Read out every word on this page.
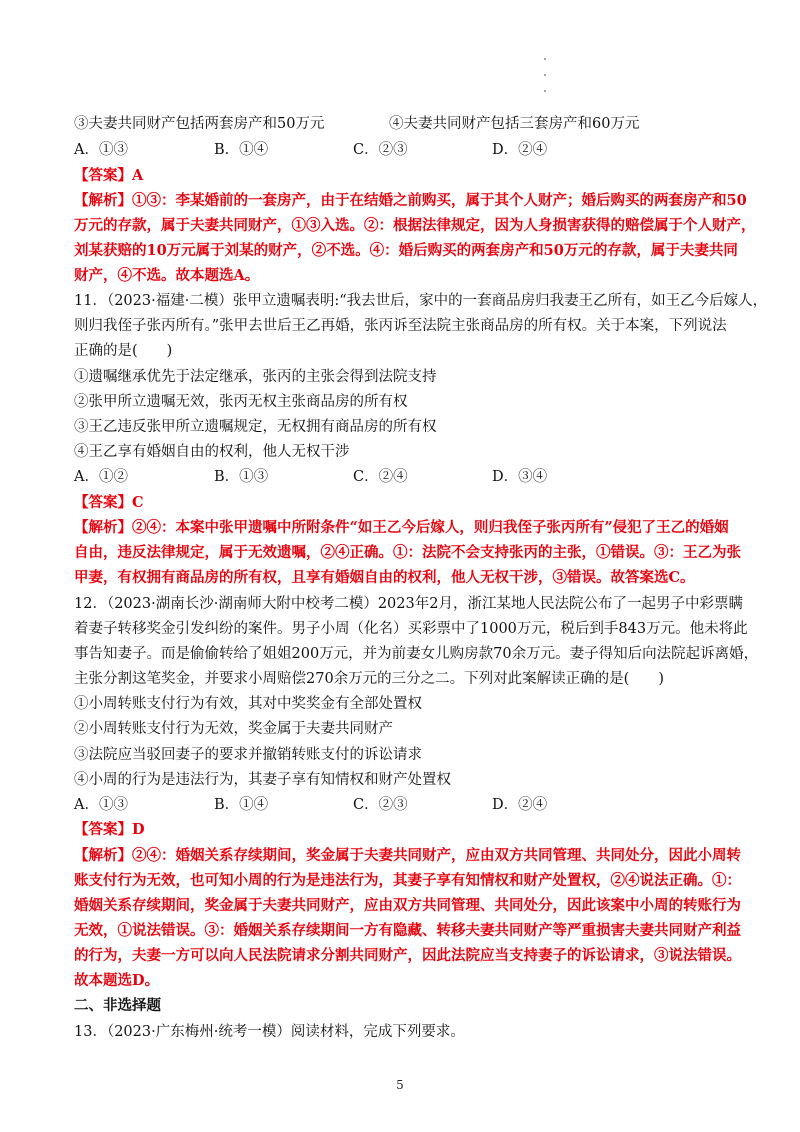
③夫妻共同财产包括两套房产和50万元	④夫妻共同财产包括三套房产和60万元
A．①③	B．①④	C．②③	D．②④
【答案】A
【解析】①③：李某婚前的一套房产，由于在结婚之前购买，属于其个人财产；婚后购买的两套房产和50
万元的存款，属于夫妻共同财产，①③入选。②：根据法律规定，因为人身损害获得的赔偿属于个人财产，
刘某获赔的10万元属于刘某的财产，②不选。④：婚后购买的两套房产和50万元的存款，属于夫妻共同
财产，④不选。故本题选A。
11．（2023·福建·二模）张甲立遗嘱表明:“我去世后，家中的一套商品房归我妻王乙所有，如王乙今后嫁人，
则归我侄子张丙所有。”张甲去世后王乙再婚，张丙诉至法院主张商品房的所有权。关于本案，下列说法
正确的是(　　)
①遗嘱继承优先于法定继承，张丙的主张会得到法院支持
②张甲所立遗嘱无效，张丙无权主张商品房的所有权
③王乙违反张甲所立遗嘱规定，无权拥有商品房的所有权
④王乙享有婚姻自由的权利，他人无权干涉
A．①②	B．①③	C．②④	D．③④
【答案】C
【解析】②④：本案中张甲遗嘱中所附条件“如王乙今后嫁人，则归我侄子张丙所有”侵犯了王乙的婚姻
自由，违反法律规定，属于无效遗嘱，②④正确。①：法院不会支持张丙的主张，①错误。③：王乙为张
甲妻，有权拥有商品房的所有权，且享有婚姻自由的权利，他人无权干涉，③错误。故答案选C。
12．（2023·湖南长沙·湖南师大附中校考二模）2023年2月，浙江某地人民法院公布了一起男子中彩票瞒
着妻子转移奖金引发纠纷的案件。男子小周（化名）买彩票中了1000万元，税后到手843万元。他未将此
事告知妻子。而是偷偷转给了姐姐200万元，并为前妻女儿购房款70余万元。妻子得知后向法院起诉离婚，
主张分割这笔奖金，并要求小周赔偿270余万元的三分之二。下列对此案解读正确的是(　　)
①小周转账支付行为有效，其对中奖奖金有全部处置权
②小周转账支付行为无效，奖金属于夫妻共同财产
③法院应当驳回妻子的要求并撤销转账支付的诉讼请求
④小周的行为是违法行为，其妻子享有知情权和财产处置权
A．①③	B．①④	C．②③	D．②④
【答案】D
【解析】②④：婚姻关系存续期间，奖金属于夫妻共同财产，应由双方共同管理、共同处分，因此小周转
账支付行为无效，也可知小周的行为是违法行为，其妻子享有知情权和财产处置权，②④说法正确。①：
婚姻关系存续期间，奖金属于夫妻共同财产，应由双方共同管理、共同处分，因此该案中小周的转账行为
无效，①说法错误。③：婚姻关系存续期间一方有隐藏、转移夫妻共同财产等严重损害夫妻共同财产利益
的行为，夫妻一方可以向人民法院请求分割共同财产，因此法院应当支持妻子的诉讼请求，③说法错误。
故本题选D。
二、非选择题
13．（2023·广东梅州·统考一模）阅读材料，完成下列要求。
5
